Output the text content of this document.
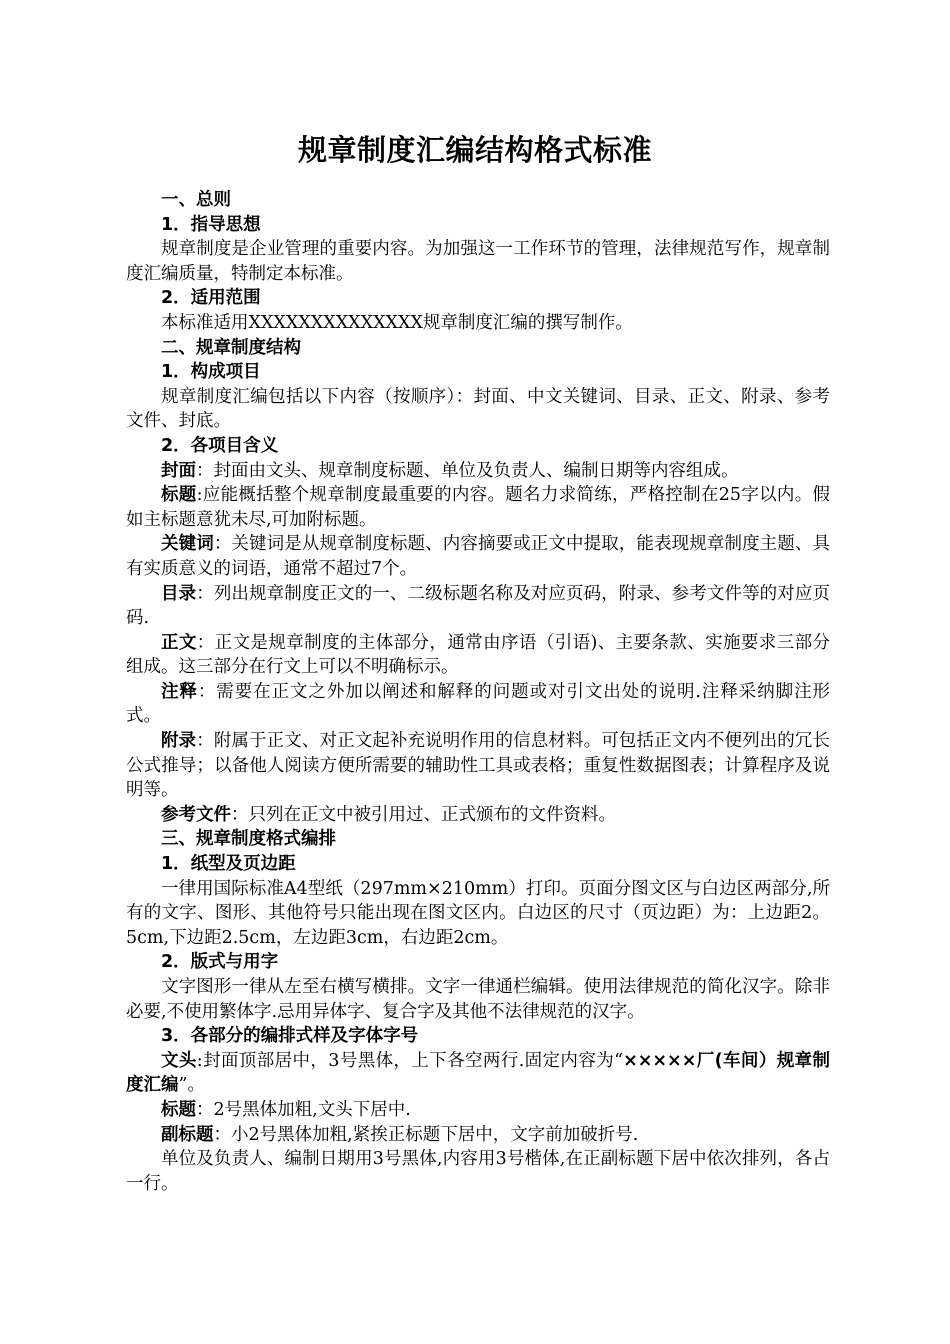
规章制度汇编结构格式标准

一、总则

1．指导思想

规章制度是企业管理的重要内容。为加强这一工作环节的管理，法律规范写作，规章制度汇编质量，特制定本标准。

2．适用范围

本标准适用XXXXXXXXXXXXXX规章制度汇编的撰写制作。

二、规章制度结构

1．构成项目

规章制度汇编包括以下内容（按顺序）：封面、中文关键词、目录、正文、附录、参考文件、封底。

2．各项目含义

封面：封面由文头、规章制度标题、单位及负责人、编制日期等内容组成。

标题:应能概括整个规章制度最重要的内容。题名力求简练，严格控制在25字以内。假如主标题意犹未尽,可加附标题。

关键词：关键词是从规章制度标题、内容摘要或正文中提取，能表现规章制度主题、具有实质意义的词语，通常不超过7个。

目录：列出规章制度正文的一、二级标题名称及对应页码，附录、参考文件等的对应页码.

正文：正文是规章制度的主体部分，通常由序语（引语)、主要条款、实施要求三部分组成。这三部分在行文上可以不明确标示。

注释：需要在正文之外加以阐述和解释的问题或对引文出处的说明.注释采纳脚注形式。

附录：附属于正文、对正文起补充说明作用的信息材料。可包括正文内不便列出的冗长公式推导；以备他人阅读方便所需要的辅助性工具或表格；重复性数据图表；计算程序及说明等。

参考文件：只列在正文中被引用过、正式颁布的文件资料。

三、规章制度格式编排

1．纸型及页边距

一律用国际标准A4型纸（297mm×210mm）打印。页面分图文区与白边区两部分,所有的文字、图形、其他符号只能出现在图文区内。白边区的尺寸（页边距）为：上边距2。5cm,下边距2.5cm，左边距3cm，右边距2cm。

2．版式与用字

文字图形一律从左至右横写横排。文字一律通栏编辑。使用法律规范的简化汉字。除非必要,不使用繁体字.忌用异体字、复合字及其他不法律规范的汉字。

3．各部分的编排式样及字体字号

文头:封面顶部居中，3号黑体，上下各空两行.固定内容为“×××××厂(车间）规章制度汇编”。

标题：2号黑体加粗,文头下居中.

副标题：小2号黑体加粗,紧挨正标题下居中，文字前加破折号.

单位及负责人、编制日期用3号黑体,内容用3号楷体,在正副标题下居中依次排列，各占一行。
